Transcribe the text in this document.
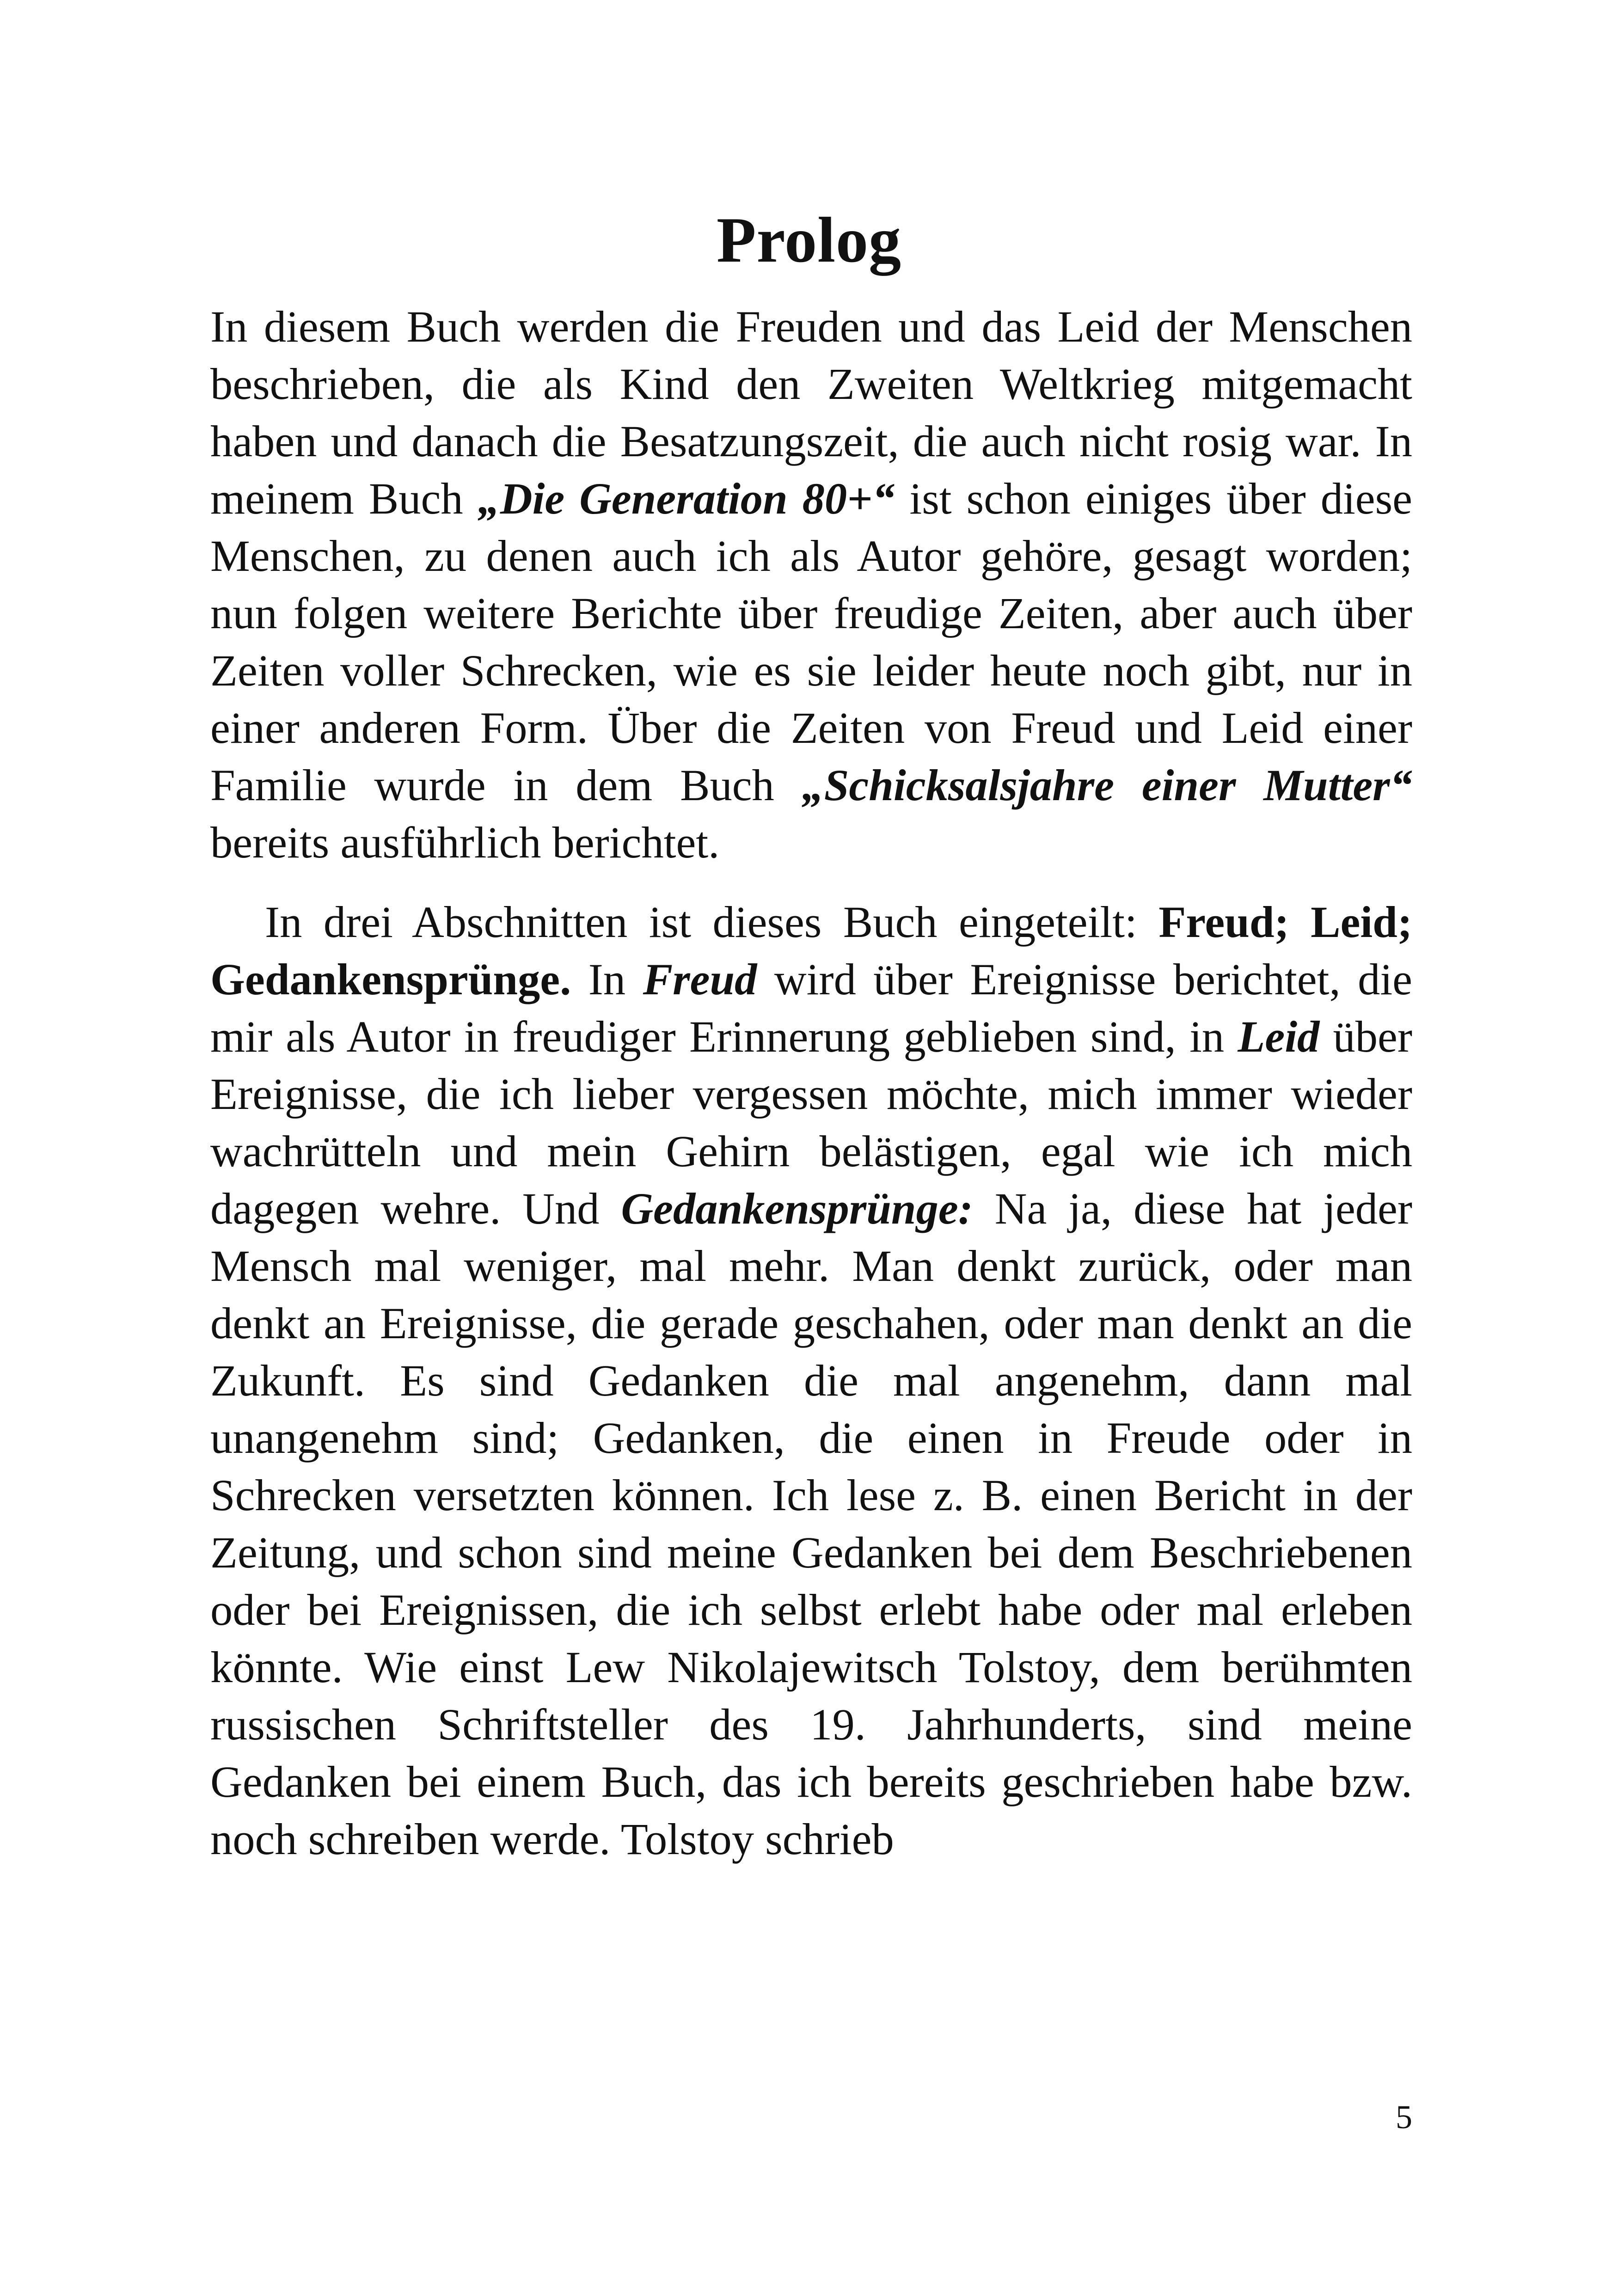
Prolog

In diesem Buch werden die Freuden und das Leid der Menschen beschrieben, die als Kind den Zweiten Weltkrieg mitgemacht haben und danach die Besatzungszeit, die auch nicht rosig war. In meinem Buch „Die Generation 80+“ ist schon einiges über diese Menschen, zu denen auch ich als Autor gehöre, gesagt worden; nun folgen weitere Berichte über freudige Zeiten, aber auch über Zeiten voller Schrecken, wie es sie leider heute noch gibt, nur in einer anderen Form. Über die Zeiten von Freud und Leid einer Familie wurde in dem Buch „Schicksalsjahre einer Mutter“ bereits ausführlich berichtet.

In drei Abschnitten ist dieses Buch eingeteilt: Freud; Leid; Gedankensprünge. In Freud wird über Ereignisse berichtet, die mir als Autor in freudiger Erinnerung geblieben sind, in Leid über Ereignisse, die ich lieber vergessen möchte, mich immer wieder wachrütteln und mein Gehirn belästigen, egal wie ich mich dagegen wehre. Und Gedankensprünge: Na ja, diese hat jeder Mensch mal weniger, mal mehr. Man denkt zurück, oder man denkt an Ereignisse, die gerade geschahen, oder man denkt an die Zukunft. Es sind Gedanken die mal angenehm, dann mal unangenehm sind; Gedanken, die einen in Freude oder in Schrecken versetzten können. Ich lese z. B. einen Bericht in der Zeitung, und schon sind meine Gedanken bei dem Beschriebenen oder bei Ereignissen, die ich selbst erlebt habe oder mal erleben könnte. Wie einst Lew Nikolajewitsch Tolstoy, dem berühmten russischen Schriftsteller des 19. Jahrhunderts, sind meine Gedanken bei einem Buch, das ich bereits geschrieben habe bzw. noch schreiben werde. Tolstoy schrieb

5
